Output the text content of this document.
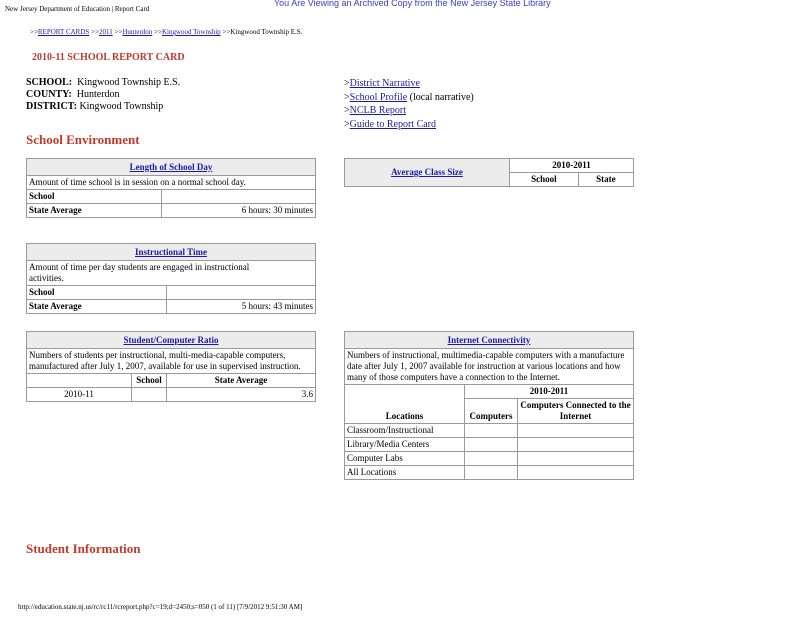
New Jersey Department of Education | Report Card
You Are Viewing an Archived Copy from the New Jersey State Library
>>REPORT CARDS >>2011 >>Hunterdon >>Kingwood Township >>Kingwood Township E.S.
2010-11 SCHOOL REPORT CARD
SCHOOL: Kingwood Township E.S.
COUNTY: Hunterdon
DISTRICT: Kingwood Township
>District Narrative
>School Profile (local narrative)
>NCLB Report
>Guide to Report Card
School Environment
Length of School Day	
Amount of time school is in session on a normal school day.	
School	
State Average	6 hours: 30 minutes
Average Class Size	2010-2011	
	School	State
Instructional Time	
Amount of time per day students are engaged in instructional activities.	
School	
State Average	5 hours: 43 minutes
Student/Computer Ratio		
Numbers of students per instructional, multi-media-capable computers, manufactured after July 1, 2007, available for use in supervised instruction.		
	School	State Average
2010-11		3.6
Internet Connectivity		
Numbers of instructional, multimedia-capable computers with a manufacture date after July 1, 2007 available for instruction at various locations and how many of those computers have a connection to the Internet.		
Locations	2010-2011	
	Computers	Computers Connected to the Internet
Classroom/Instructional		
Library/Media Centers		
Computer Labs		
All Locations		
Student Information
http://education.state.nj.us/rc/rc11/rcreport.php?c=19;d=2450;s=050 (1 of 11) [7/9/2012 9:51:30 AM]
